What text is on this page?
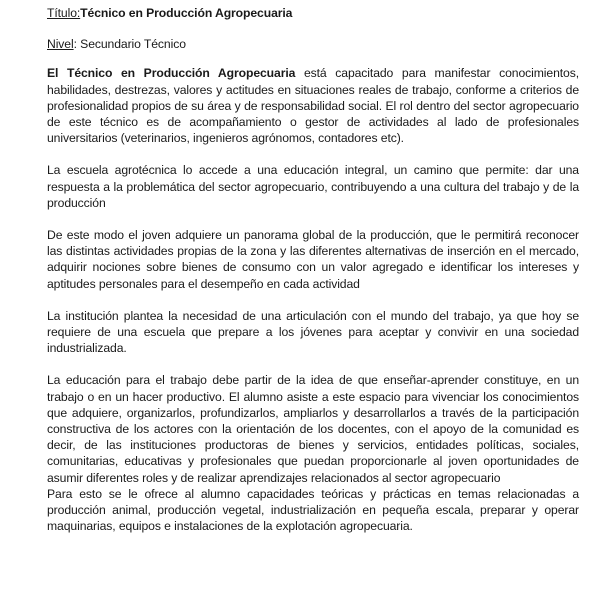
Título:Técnico en Producción Agropecuaria

Nivel: Secundario Técnico

El Técnico en Producción Agropecuaria está capacitado para manifestar conocimientos, habilidades, destrezas, valores y actitudes en situaciones reales de trabajo, conforme a criterios de profesionalidad propios de su área y de responsabilidad social. El rol dentro del sector agropecuario de este técnico es de acompañamiento o gestor de actividades al lado de profesionales universitarios (veterinarios, ingenieros agrónomos, contadores etc).

La escuela agrotécnica lo accede a una educación integral, un camino que permite: dar una respuesta a la problemática del sector agropecuario, contribuyendo a una cultura del trabajo y de la producción

De este modo el joven adquiere un panorama global de la producción, que le permitirá reconocer las distintas actividades propias de la zona y las diferentes alternativas de inserción en el mercado, adquirir nociones sobre bienes de consumo con un valor agregado e identificar los intereses y aptitudes personales para el desempeño en cada actividad

La institución plantea la necesidad de una articulación con el mundo del trabajo, ya que hoy se requiere de una escuela que prepare a los jóvenes para aceptar y convivir en una sociedad industrializada.

La educación para el trabajo debe partir de la idea de que enseñar-aprender constituye, en un trabajo o en un hacer productivo. El alumno asiste a este espacio para vivenciar los conocimientos que adquiere, organizarlos, profundizarlos, ampliarlos y desarrollarlos a través de la participación constructiva de los actores con la orientación de los docentes, con el apoyo de la comunidad es decir, de las instituciones productoras de bienes y servicios, entidades políticas, sociales, comunitarias, educativas y profesionales que puedan proporcionarle al joven oportunidades de asumir diferentes roles y de realizar aprendizajes relacionados al sector agropecuario

Para esto se le ofrece al alumno capacidades teóricas y prácticas en temas relacionadas a producción animal, producción vegetal, industrialización en pequeña escala, preparar y operar maquinarias, equipos e instalaciones de la explotación agropecuaria.
